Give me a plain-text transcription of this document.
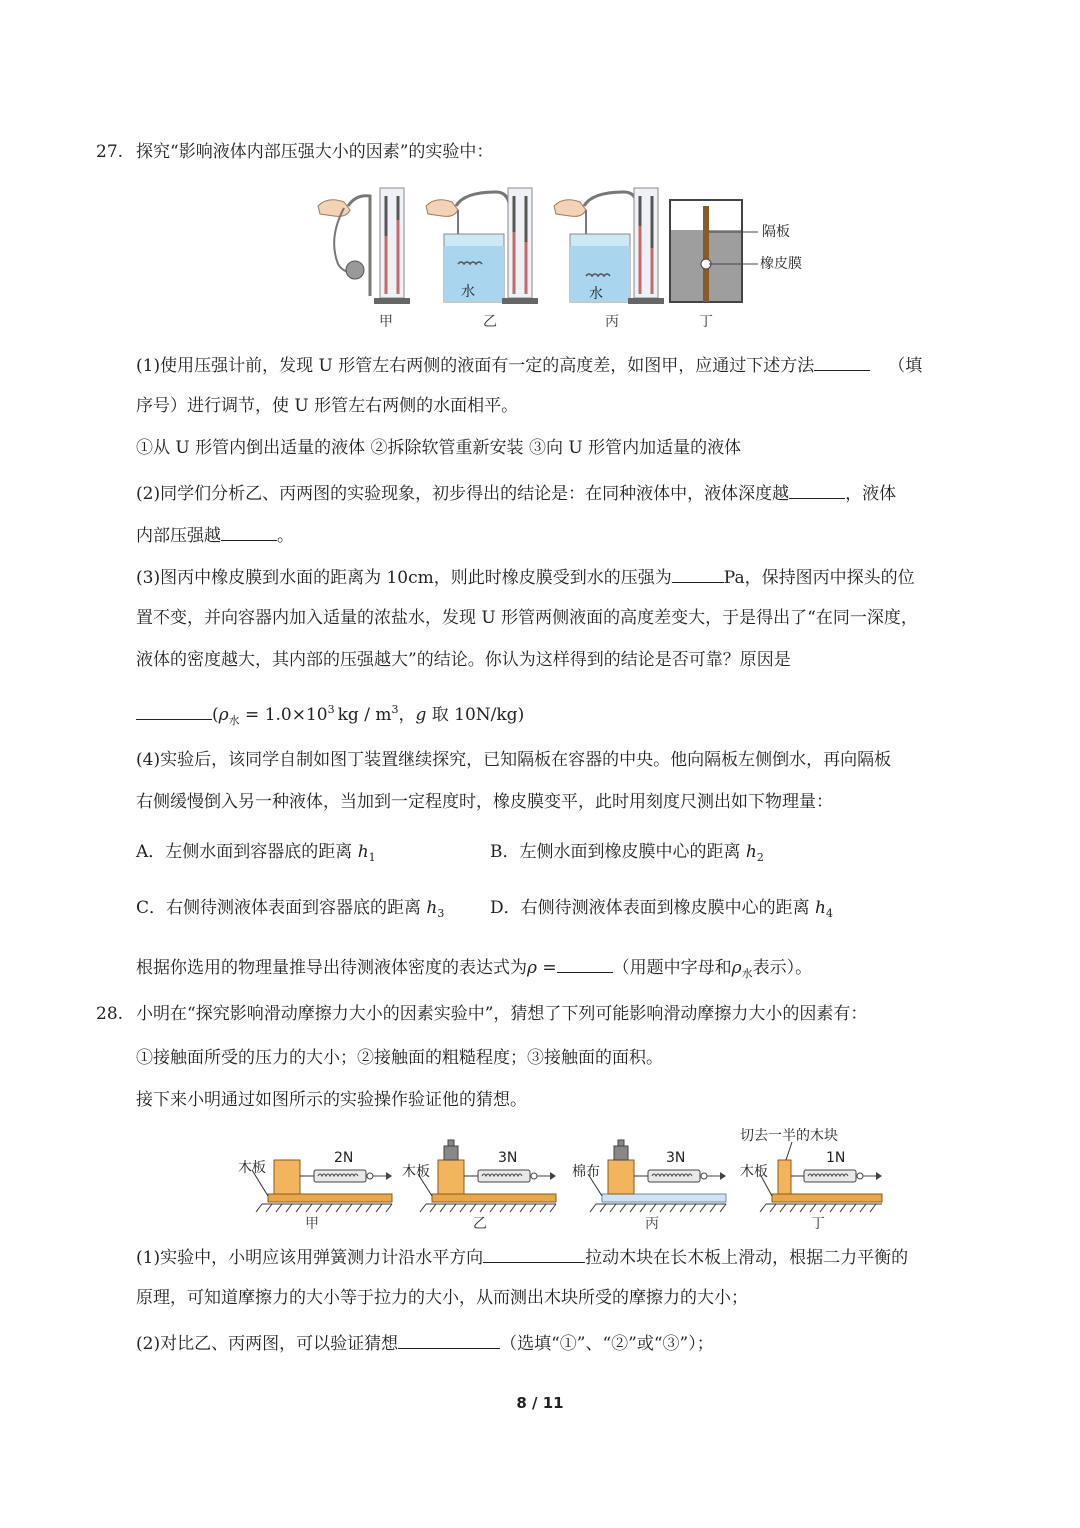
27. 探究“影响液体内部压强大小的因素”的实验中：
水	水
隔板
橡皮膜
甲	乙	丙	丁
(1)使用压强计前，发现 U 形管左右两侧的液面有一定的高度差，如图甲，应通过下述方法	（填
序号）进行调节，使 U 形管左右两侧的水面相平。
①从 U 形管内倒出适量的液体 ②拆除软管重新安装 ③向 U 形管内加适量的液体
(2)同学们分析乙、丙两图的实验现象，初步得出的结论是：在同种液体中，液体深度越	，液体
内部压强越	。
(3)图丙中橡皮膜到水面的距离为 10cm，则此时橡皮膜受到水的压强为	Pa，保持图丙中探头的位
置不变，并向容器内加入适量的浓盐水，发现 U 形管两侧液面的高度差变大，于是得出了“在同一深度，
液体的密度越大，其内部的压强越大”的结论。你认为这样得到的结论是否可靠？原因是
($\rho_水 = 1.0\times 10^3$ kg / $m^3$，g 取 10N/kg)
(4)实验后，该同学自制如图丁装置继续探究，已知隔板在容器的中央。他向隔板左侧倒水，再向隔板
右侧缓慢倒入另一种液体，当加到一定程度时，橡皮膜变平，此时用刻度尺测出如下物理量：
A．左侧水面到容器底的距离 $h_1$	B．左侧水面到橡皮膜中心的距离 $h_2$
C．右侧待测液体表面到容器底的距离 $h_3$	D．右侧待测液体表面到橡皮膜中心的距离 $h_4$
根据你选用的物理量推导出待测液体密度的表达式为ρ =	（用题中字母和$\rho_水$表示）。
28. 小明在“探究影响滑动摩擦力大小的因素实验中”，猜想了下列可能影响滑动摩擦力大小的因素有：
①接触面所受的压力的大小；②接触面的粗糙程度；③接触面的面积。
接下来小明通过如图所示的实验操作验证他的猜想。
木板
2N
甲
木板
3N
乙
棉布
3N
丙
木板
1N
切去一半的木块
丁
(1)实验中，小明应该用弹簧测力计沿水平方向	拉动木块在长木板上滑动，根据二力平衡的
原理，可知道摩擦力的大小等于拉力的大小，从而测出木块所受的摩擦力的大小；
(2)对比乙、丙两图，可以验证猜想	（选填“①”、“②”或“③”）；
8 / 11
